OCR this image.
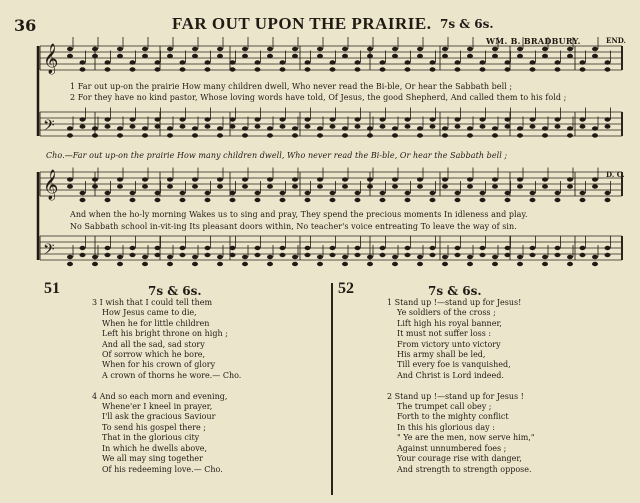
36	FAR OUT UPON THE PRAIRIE. 7s & 6s.
WM. B. BRADBURY.	END.
D. C.
𝄞
𝄢
𝄞
𝄢
1 Far out up-on the prairie How many children dwell, Who never read the Bi-ble, Or hear the Sabbath bell ;
2 For they have no kind pastor, Whose loving words have told, Of Jesus, the good Shepherd, And called them to his fold ;
Cho.—Far out up-on the prairie How many children dwell, Who never read the Bi-ble, Or hear the Sabbath bell ;
And when the ho-ly morning Wakes us to sing and pray, They spend the precious moments In idleness and play.
No Sabbath school in-vit-ing Its pleasant doors within, No teacher's voice entreating To leave the way of sin.
51	7s & 6s.
3 I wish that I could tell them
How Jesus came to die,
When he for little children
Left his bright throne on high ;
And all the sad, sad story
Of sorrow which he bore,
When for his crown of glory
A crown of thorns he wore.— Cho.

4 And so each morn and evening,
Whene'er I kneel in prayer,
I'll ask the gracious Saviour
To send his gospel there ;
That in the glorious city
In which he dwells above,
We all may sing together
Of his redeeming love.— Cho.
52	7s & 6s.
1 Stand up !—stand up for Jesus!
Ye soldiers of the cross ;
Lift high his royal banner,
It must not suffer loss :
From victory unto victory
His army shall be led,
Till every foe is vanquished,
And Christ is Lord indeed.

2 Stand up !—stand up for Jesus !
The trumpet call obey ;
Forth to the mighty conflict
In this his glorious day :
" Ye are the men, now serve him,"
Against unnumbered foes ;
Your courage rise with danger,
And strength to strength oppose.
